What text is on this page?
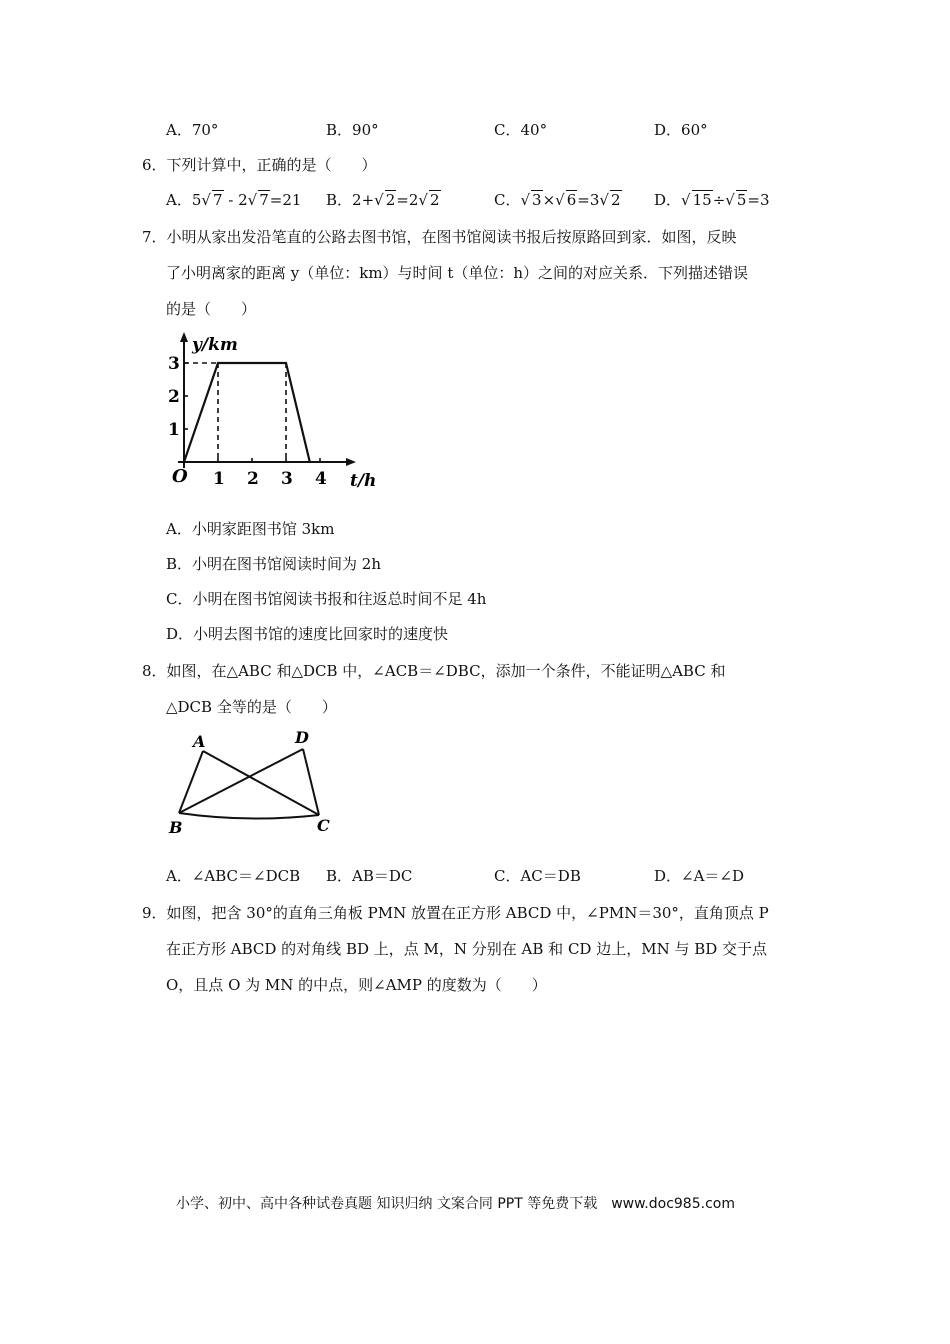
A．70°	B．90°	C．40°	D．60°
6．下列计算中，正确的是（　　）
A．5√ 7 - 2√ 7=21 B．2+√ 2=2√ 2	C．√ 3×√ 6=3√ 2 D．√ 15÷√ 5=3
7．小明从家出发沿笔直的公路去图书馆，在图书馆阅读书报后按原路回到家．如图，反映
了小明离家的距离 y（单位：km）与时间 t（单位：h）之间的对应关系．下列描述错误
的是（　　）
1 2 3 4
1
2
3
y/km
t/h
O
A．小明家距图书馆 3km
B．小明在图书馆阅读时间为 2h
C．小明在图书馆阅读书报和往返总时间不足 4h
D．小明去图书馆的速度比回家时的速度快
8．如图，在△ABC 和△DCB 中，∠ACB＝∠DBC，添加一个条件，不能证明△ABC 和
△DCB 全等的是（　　）
A	D
B	C
A．∠ABC＝∠DCB B．AB＝DC	C．AC＝DB	D．∠A＝∠D
9．如图，把含 30°的直角三角板 PMN 放置在正方形 ABCD 中，∠PMN＝30°，直角顶点 P
在正方形 ABCD 的对角线 BD 上，点 M，N 分别在 AB 和 CD 边上，MN 与 BD 交于点
O，且点 O 为 MN 的中点，则∠AMP 的度数为（　　）
小学、初中、高中各种试卷真题 知识归纳 文案合同 PPT 等免费下载　www.doc985.com
